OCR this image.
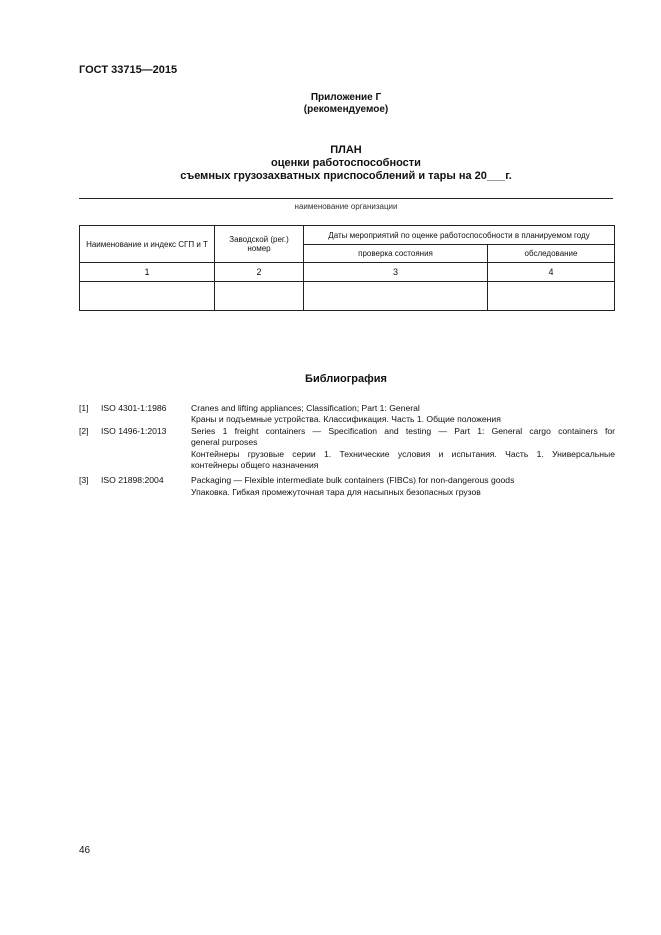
ГОСТ 33715—2015
Приложение Г
(рекомендуемое)
ПЛАН
оценки работоспособности
съемных грузозахватных приспособлений и тары на 20___г.
наименование организации
Наименование и индекс СГП и Т	Заводской (рег.) номер	Даты мероприятий по оценке работоспособности в планируемом году	
		проверка состояния	обследование
1	2	3	4

Библиография
[1] ISO 4301-1:1986	Cranes and lifting appliances; Classification; Part 1: General
Краны и подъемные устройства. Классификация. Часть 1. Общие положения
[2] ISO 1496-1:2013	Series 1 freight containers — Specification and testing — Part 1: General cargo containers for
general purposes
Контейнеры грузовые серии 1. Технические условия и испытания. Часть 1. Универсальные
контейнеры общего назначения
[3] ISO 21898:2004	Packaging — Flexible intermediate bulk containers (FIBCs) for non-dangerous goods
Упаковка. Гибкая промежуточная тара для насыпных безопасных грузов
46
